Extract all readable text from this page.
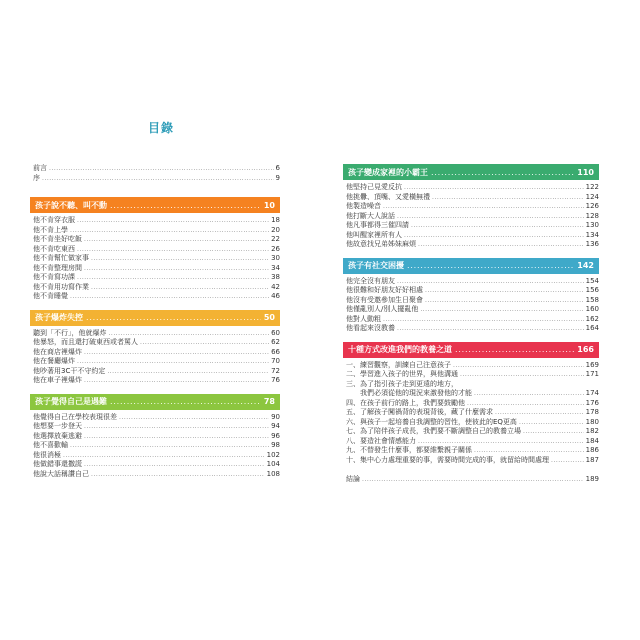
目錄
前言 .....	6
序 .....	9
孩子說不聽、叫不動 .....	10
他不肯穿衣服 .....	18
他不肯上學 .....	20
他不肯坐好吃飯 .....	22
他不肯吃東西 .....	26
他不肯幫忙做家事 .....	30
他不肯整理房間 .....	34
他不肯寫功課 .....	38
他不肯用功寫作業 .....	42
他不肯睡覺 .....	46
孩子爆炸失控 .....	50
聽到「不行」，他就爆炸 .....	60
他暴怒，而且還打破東西或者罵人 .....	62
他在商店裡爆炸 .....	66
他在餐廳爆炸 .....	70
他吵著用3C干不守約定 .....	72
他在車子裡爆炸 .....	76
孩子覺得自己是遇難 .....	78
他覺得自己在學校表現很差 .....	90
他想要一步登天 .....	94
他選擇放棄逃避 .....	96
他不喜歡輸 .....	98
他很消極 .....	102
他做錯事還撒謊 .....	104
他說大話稱讚自己 .....	108
孩子變成家裡的小霸王 .....	110
他堅持己見愛反抗 .....	122
他挑釁、頂嘴、又愛橫無禮 .....	124
他製造噪音 .....	126
他打斷大人說話 .....	128
他凡事都得三催四請 .....	130
他叫醒家裡所有人 .....	134
他故意找兄弟姊妹麻煩 .....	136
孩子有社交困擾 .....	142
他完全沒有朋友 .....	154
他很難和好朋友好好相處 .....	156
他沒有受邀參加生日聚會 .....	158
他僅亂別人/別人擺亂他 .....	160
他對人動粗 .....	162
他看起來沒教養 .....	164
十種方式改進我們的教養之道 .....	166
一、練習觀察，訓練自己注意孩子 .....	169
二、學習進入孩子的世界，與他溝通 .....	171
三、為了指引孩子走到更遠的地方，
　　我們必須從他的現況來激發他的才能 .....	174
四、在孩子前行的路上，我們要鼓勵他 .....	176
五、了解孩子闖禍背的表現背後，藏了什麼需求 .....	178
六、與孩子一起培養自我調整的習性，使彼此的EQ更高 .....	180
七、為了陪伴孩子成長，我們要不斷調整自己的教養立場 .....	182
八、要造社會情感能力 .....	184
九、不替發生什麼事，都要維繫親子關係 .....	186
十、集中心力處理重要的事，需要時間完成的事，就留給時間處理 .....	187
結論 .....	189
